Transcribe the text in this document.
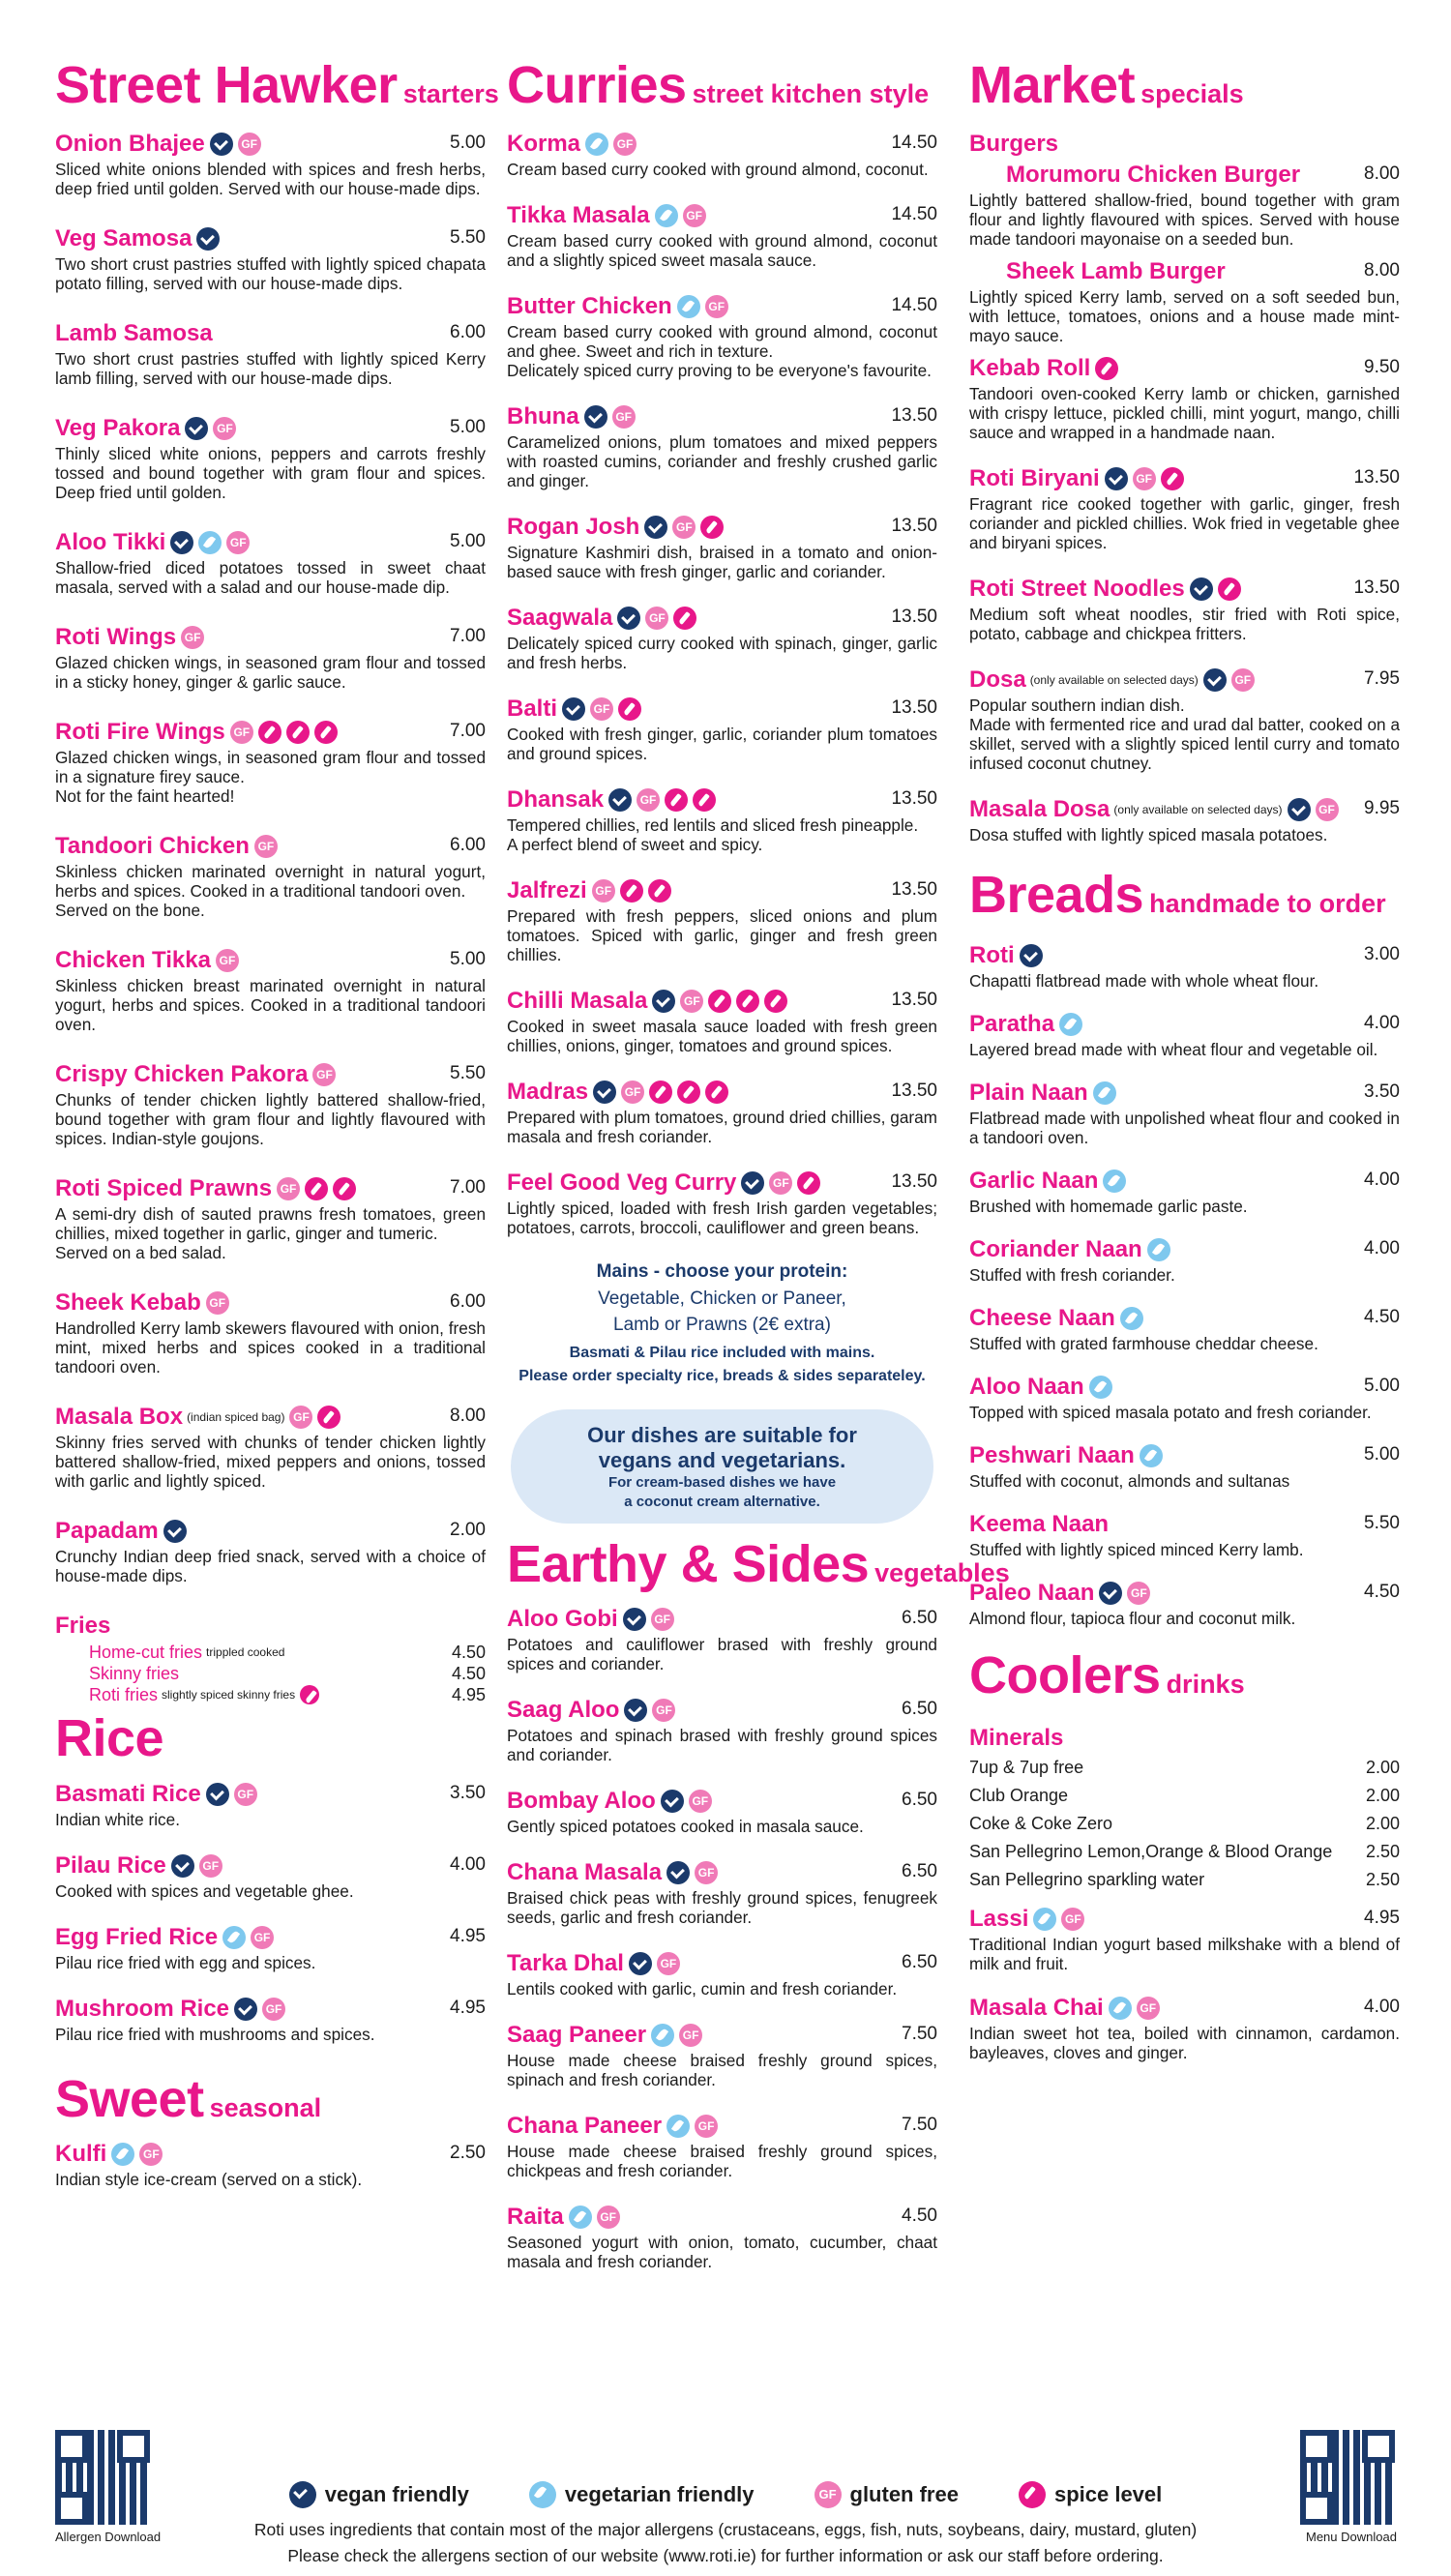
Street Hawker starters
Onion Bhajee	GF	5.00

Sliced white onions blended with spices and fresh herbs, deep fried until golden. Served with our house-made dips.

Veg Samosa	5.50

Two short crust pastries stuffed with lightly spiced chapata potato filling, served with our house-made dips.

Lamb Samosa	6.00

Two short crust pastries stuffed with lightly spiced Kerry lamb filling, served with our house-made dips.

Veg Pakora	GF	5.00

Thinly sliced white onions, peppers and carrots freshly tossed and bound together with gram flour and spices. Deep fried until golden.

Aloo Tikki	GF	5.00

Shallow-fried diced potatoes tossed in sweet chaat masala, served with a salad and our house-made dip.

Roti Wings GF	7.00

Glazed chicken wings, in seasoned gram flour and tossed in a sticky honey, ginger & garlic sauce.

Roti Fire Wings GF	7.00

Glazed chicken wings, in seasoned gram flour and tossed in a signature firey sauce.

Not for the faint hearted!

Tandoori Chicken GF	6.00

Skinless chicken marinated overnight in natural yogurt, herbs and spices. Cooked in a traditional tandoori oven.

Served on the bone.

Chicken Tikka GF	5.00

Skinless chicken breast marinated overnight in natural yogurt, herbs and spices. Cooked in a traditional tandoori oven.

Crispy Chicken Pakora GF	5.50

Chunks of tender chicken lightly battered shallow-fried, bound together with gram flour and lightly flavoured with spices. Indian-style goujons.

Roti Spiced Prawns GF	7.00

A semi-dry dish of sauted prawns fresh tomatoes, green chillies, mixed together in garlic, ginger and tumeric.

Served on a bed salad.

Sheek Kebab GF	6.00

Handrolled Kerry lamb skewers flavoured with onion, fresh mint, mixed herbs and spices cooked in a traditional tandoori oven.

Masala Box (indian spiced bag) GF	8.00

Skinny fries served with chunks of tender chicken lightly battered shallow-fried, mixed peppers and onions, tossed with garlic and lightly spiced.

Papadam	2.00

Crunchy Indian deep fried snack, served with a choice of house-made dips.

Fries
Home-cut fries trippled cooked	4.50
Skinny fries	4.50
Roti fries slightly spiced skinny fries	4.95
Rice
Basmati Rice	GF	3.50

Indian white rice.

Pilau Rice	GF	4.00

Cooked with spices and vegetable ghee.

Egg Fried Rice	GF	4.95

Pilau rice fried with egg and spices.

Mushroom Rice	GF	4.95

Pilau rice fried with mushrooms and spices.

Sweet seasonal
Kulfi	GF	2.50

Indian style ice-cream (served on a stick).

Curries street kitchen style
Korma	GF	14.50

Cream based curry cooked with ground almond, coconut.

Tikka Masala	GF	14.50

Cream based curry cooked with ground almond, coconut and a slightly spiced sweet masala sauce.

Butter Chicken	GF	14.50

Cream based curry cooked with ground almond, coconut and ghee. Sweet and rich in texture.

Delicately spiced curry proving to be everyone's favourite.

Bhuna	GF	13.50

Caramelized onions, plum tomatoes and mixed peppers with roasted cumins, coriander and freshly crushed garlic and ginger.

Rogan Josh	GF	13.50

Signature Kashmiri dish, braised in a tomato and onion-based sauce with fresh ginger, garlic and coriander.

Saagwala	GF	13.50

Delicately spiced curry cooked with spinach, ginger, garlic and fresh herbs.

Balti	GF	13.50

Cooked with fresh ginger, garlic, coriander plum tomatoes and ground spices.

Dhansak	GF	13.50

Tempered chillies, red lentils and sliced fresh pineapple.

A perfect blend of sweet and spicy.

Jalfrezi GF	13.50

Prepared with fresh peppers, sliced onions and plum tomatoes. Spiced with garlic, ginger and fresh green chillies.

Chilli Masala	GF	13.50

Cooked in sweet masala sauce loaded with fresh green chillies, onions, ginger, tomatoes and ground spices.

Madras	GF	13.50

Prepared with plum tomatoes, ground dried chillies, garam masala and fresh coriander.

Feel Good Veg Curry	GF	13.50

Lightly spiced, loaded with fresh Irish garden vegetables; potatoes, carrots, broccoli, cauliflower and green beans.

Mains - choose your protein:
Vegetable, Chicken or Paneer,
Lamb or Prawns (2€ extra)
Basmati & Pilau rice included with mains.
Please order specialty rice, breads & sides separateley.
Our dishes are suitable for
vegans and vegetarians.
For cream-based dishes we have
a coconut cream alternative.
Earthy & Sides vegetables
Aloo Gobi	GF	6.50

Potatoes and cauliflower brased with freshly ground spices and coriander.

Saag Aloo	GF	6.50

Potatoes and spinach brased with freshly ground spices and coriander.

Bombay Aloo	GF	6.50

Gently spiced potatoes cooked in masala sauce.

Chana Masala	GF	6.50

Braised chick peas with freshly ground spices, fenugreek seeds, garlic and fresh coriander.

Tarka Dhal	GF	6.50

Lentils cooked with garlic, cumin and fresh coriander.

Saag Paneer	GF	7.50

House made cheese braised freshly ground spices, spinach and fresh coriander.

Chana Paneer	GF	7.50

House made cheese braised freshly ground spices, chickpeas and fresh coriander.

Raita	GF	4.50

Seasoned yogurt with onion, tomato, cucumber, chaat masala and fresh coriander.

Market specials
Burgers
Morumoru Chicken Burger	8.00

Lightly battered shallow-fried, bound together with gram flour and lightly flavoured with spices. Served with house made tandoori mayonaise on a seeded bun.

Sheek Lamb Burger	8.00

Lightly spiced Kerry lamb, served on a soft seeded bun, with lettuce, tomatoes, onions and a house made mint-mayo sauce.

Kebab Roll	9.50

Tandoori oven-cooked Kerry lamb or chicken, garnished with crispy lettuce, pickled chilli, mint yogurt, mango, chilli sauce and wrapped in a handmade naan.

Roti Biryani	GF	13.50

Fragrant rice cooked together with garlic, ginger, fresh coriander and pickled chillies. Wok fried in vegetable ghee and biryani spices.

Roti Street Noodles	13.50

Medium soft wheat noodles, stir fried with Roti spice, potato, cabbage and chickpea fritters.

Dosa (only available on selected days)	GF	7.95

Popular southern indian dish.

Made with fermented rice and urad dal batter, cooked on a skillet, served with a slightly spiced lentil curry and tomato infused coconut chutney.

Masala Dosa (only available on selected days)	GF 9.95

Dosa stuffed with lightly spiced masala potatoes.

Breads handmade to order
Roti	3.00

Chapatti flatbread made with whole wheat flour.

Paratha	4.00

Layered bread made with wheat flour and vegetable oil.

Plain Naan	3.50

Flatbread made with unpolished wheat flour and cooked in a tandoori oven.

Garlic Naan	4.00

Brushed with homemade garlic paste.

Coriander Naan	4.00

Stuffed with fresh coriander.

Cheese Naan	4.50

Stuffed with grated farmhouse cheddar cheese.

Aloo Naan	5.00

Topped with spiced masala potato and fresh coriander.

Peshwari Naan	5.00

Stuffed with coconut, almonds and sultanas

Keema Naan	5.50

Stuffed with lightly spiced minced Kerry lamb.

Paleo Naan	GF	4.50

Almond flour, tapioca flour and coconut milk.

Coolers drinks
Minerals
7up & 7up free	2.00
Club Orange	2.00
Coke & Coke Zero	2.00
San Pellegrino Lemon,Orange & Blood Orange 2.50
San Pellegrino sparkling water	2.50
Lassi	GF	4.95

Traditional Indian yogurt based milkshake with a blend of milk and fruit.

Masala Chai	GF	4.00

Indian sweet hot tea, boiled with cinnamon, cardamon. bayleaves, cloves and ginger.

Allergen Download	Menu Download
vegan friendly	vegetarian friendly	GF gluten free	spice level
Roti uses ingredients that contain most of the major allergens (crustaceans, eggs, fish, nuts, soybeans, dairy, mustard, gluten)
Please check the allergens section of our website (www.roti.ie) for further information or ask our staff before ordering.
